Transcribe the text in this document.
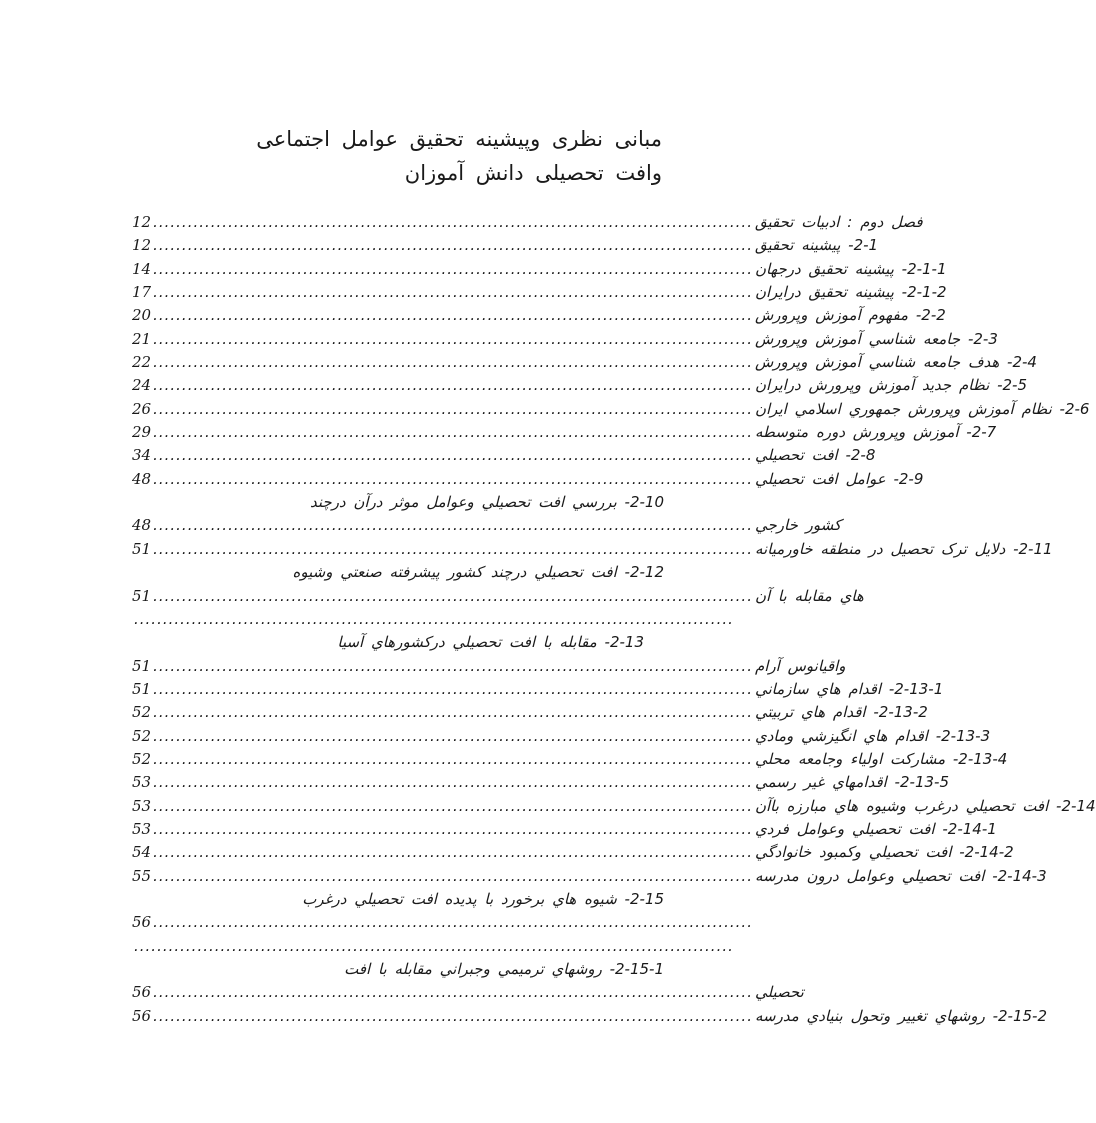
مبانی نظری وپیشینه تحقیق عوامل اجتماعی
وافت تحصیلی دانش آموزان
12 ........................................................................................................ فصل دوم : ادبیات تحقیق
12 ........................................................................................................ 2-1- پیشینه تحقیق
14 ........................................................................................................ 2-1-1- پیشینه تحقیق درجهان
17 ........................................................................................................ 2-1-2- پیشینه تحقیق درایران
20 ........................................................................................................ 2-2- مفهوم آموزش وپرورش
21 ........................................................................................................ 2-3- جامعه شناسي آموزش وپرورش
22 ........................................................................................................ 2-4- هدف جامعه شناسي آموزش وپرورش
24 ........................................................................................................ 2-5- نظام جديد آموزش وپرورش درايران
26 ........................................................................................................ 2-6- نظام آموزش وپرورش جمهوري اسلامي ايران
29 ........................................................................................................ 2-7- آموزش وپرورش دوره متوسطه
34 ........................................................................................................ 2-8- افت تحصيلي
48 ........................................................................................................ 2-9- عوامل افت تحصيلي
2-10- بررسي افت تحصيلي وعوامل موثر درآن درچند
48 ........................................................................................................ كشور خارجي
51 ........................................................................................................ 2-11- دلايل ترک تحصيل در منطقه خاورميانه
2-12- افت تحصيلي درچند كشور پيشرفته صنعتي وشيوه
51 ........................................................................................................ هاي مقابله با آن
........................................................................................................
2-13- مقابله با افت تحصيلي دركشورهاي آسيا
51 ........................................................................................................ واقيانوس آرام
51 ........................................................................................................ 2-13-1- اقدام هاي سازماني
52 ........................................................................................................ 2-13-2- اقدام هاي تربيتي
52 ........................................................................................................ 2-13-3- اقدام هاي انگيزشي ومادي
52 ........................................................................................................ 2-13-4- مشاركت اولياء وجامعه محلي
53 ........................................................................................................ 2-13-5- اقدامهاي غير رسمي
53 ........................................................................................................ 2-14- افت تحصيلي درغرب وشيوه هاي مبارزه باآن
53 ........................................................................................................ 2-14-1- افت تحصيلي وعوامل فردي
54 ........................................................................................................ 2-14-2- افت تحصيلي وكمبود خانوادگي
55 ........................................................................................................ 2-14-3- افت تحصيلي وعوامل درون مدرسه
2-15- شيوه هاي برخورد با پديده افت تحصيلي درغرب
56 ........................................................................................................
........................................................................................................
2-15-1- روشهاي ترميمي وجبراني مقابله با افت
56 ........................................................................................................ تحصيلي
56 ........................................................................................................ 2-15-2- روشهاي تغيير وتحول بنيادي مدرسه
